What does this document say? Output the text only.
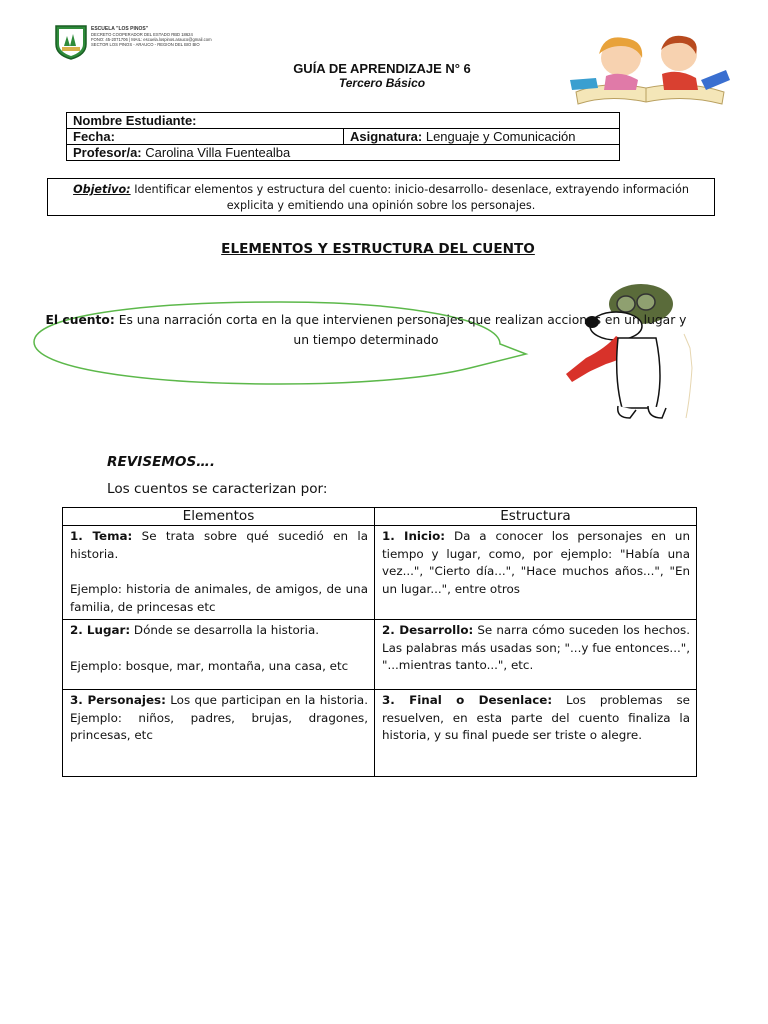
ESCUELA "LOS PINOS"
DECRETO COOPERADOR DEL ESTADO RBD 18624
FONO: 45-2071706 | MAIL: escuela.lospinos.arauco@gmail.com
SECTOR LOS PINOS - ARAUCO - REGION DEL BIO BIO
GUÍA DE APRENDIZAJE N° 6
Tercero Básico
Nombre Estudiante:
Fecha:	Asignatura: Lenguaje y Comunicación
Profesor/a: Carolina Villa Fuentealba
Objetivo: Identificar elementos y estructura del cuento: inicio-desarrollo- desenlace, extrayendo información explicita y emitiendo una opinión sobre los personajes.
ELEMENTOS Y ESTRUCTURA DEL CUENTO
El cuento: Es una narración corta en la que intervienen personajes que realizan acciones en un lugar y un tiempo determinado
REVISEMOS….
Los cuentos se caracterizan por:
Elementos	Estructura

1. Tema: Se trata sobre qué sucedió en la historia.

Ejemplo: historia de animales, de amigos, de una familia, de princesas etc	1. Inicio: Da a conocer los personajes en un tiempo y lugar, como, por ejemplo: "Había una vez...", "Cierto día...", "Hace muchos años...", "En un lugar...", entre otros

2. Lugar: Dónde se desarrolla la historia.

Ejemplo: bosque, mar, montaña, una casa, etc	2. Desarrollo: Se narra cómo suceden los hechos. Las palabras más usadas son; "...y fue entonces...", "...mientras tanto...", etc.

3. Personajes: Los que participan en la historia. Ejemplo: niños, padres, brujas, dragones, princesas, etc	3. Final o Desenlace: Los problemas se resuelven, en esta parte del cuento finaliza la historia, y su final puede ser triste o alegre.
